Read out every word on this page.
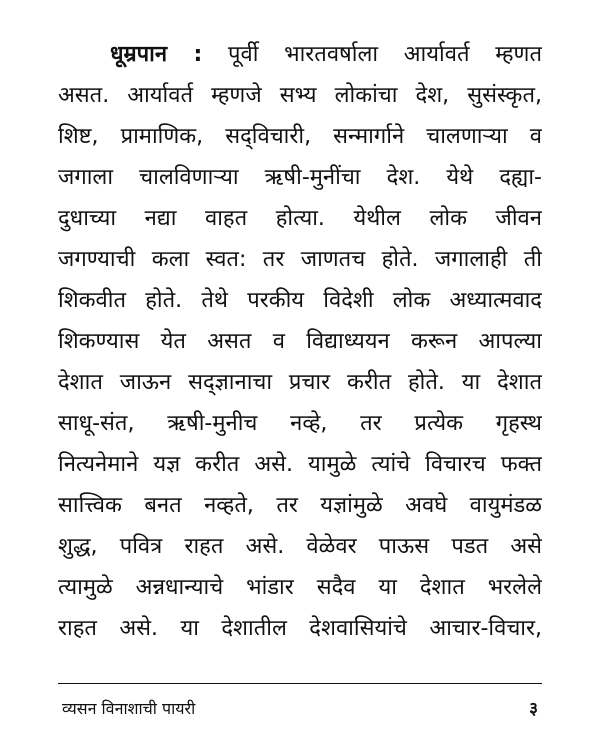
धूम्रपान : पूर्वी भारतवर्षाला आर्यावर्त म्हणत
असत. आर्यावर्त म्हणजे सभ्य लोकांचा देश, सुसंस्कृत,
शिष्ट, प्रामाणिक, सद्‌विचारी, सन्मार्गाने चालणाऱ्या व
जगाला चालविणाऱ्या ऋषी-मुनींचा देश. येथे दह्या-
दुधाच्या नद्या वाहत होत्या. येथील लोक जीवन
जगण्याची कला स्वत: तर जाणतच होते. जगालाही ती
शिकवीत होते. तेथे परकीय विदेशी लोक अध्यात्मवाद
शिकण्यास येत असत व विद्याध्ययन करून आपल्या
देशात जाऊन सद्ज्ञानाचा प्रचार करीत होते. या देशात
साधू-संत, ऋषी-मुनीच नव्हे, तर प्रत्येक गृहस्थ
नित्यनेमाने यज्ञ करीत असे. यामुळे त्यांचे विचारच फक्त
सात्त्विक बनत नव्हते, तर यज्ञांमुळे अवघे वायुमंडळ
शुद्ध, पवित्र राहत असे. वेळेवर पाऊस पडत असे
त्यामुळे अन्नधान्याचे भांडार सदैव या देशात भरलेले
राहत असे. या देशातील देशवासियांचे आचार-विचार,
व्यसन विनाशाची पायरी	३
